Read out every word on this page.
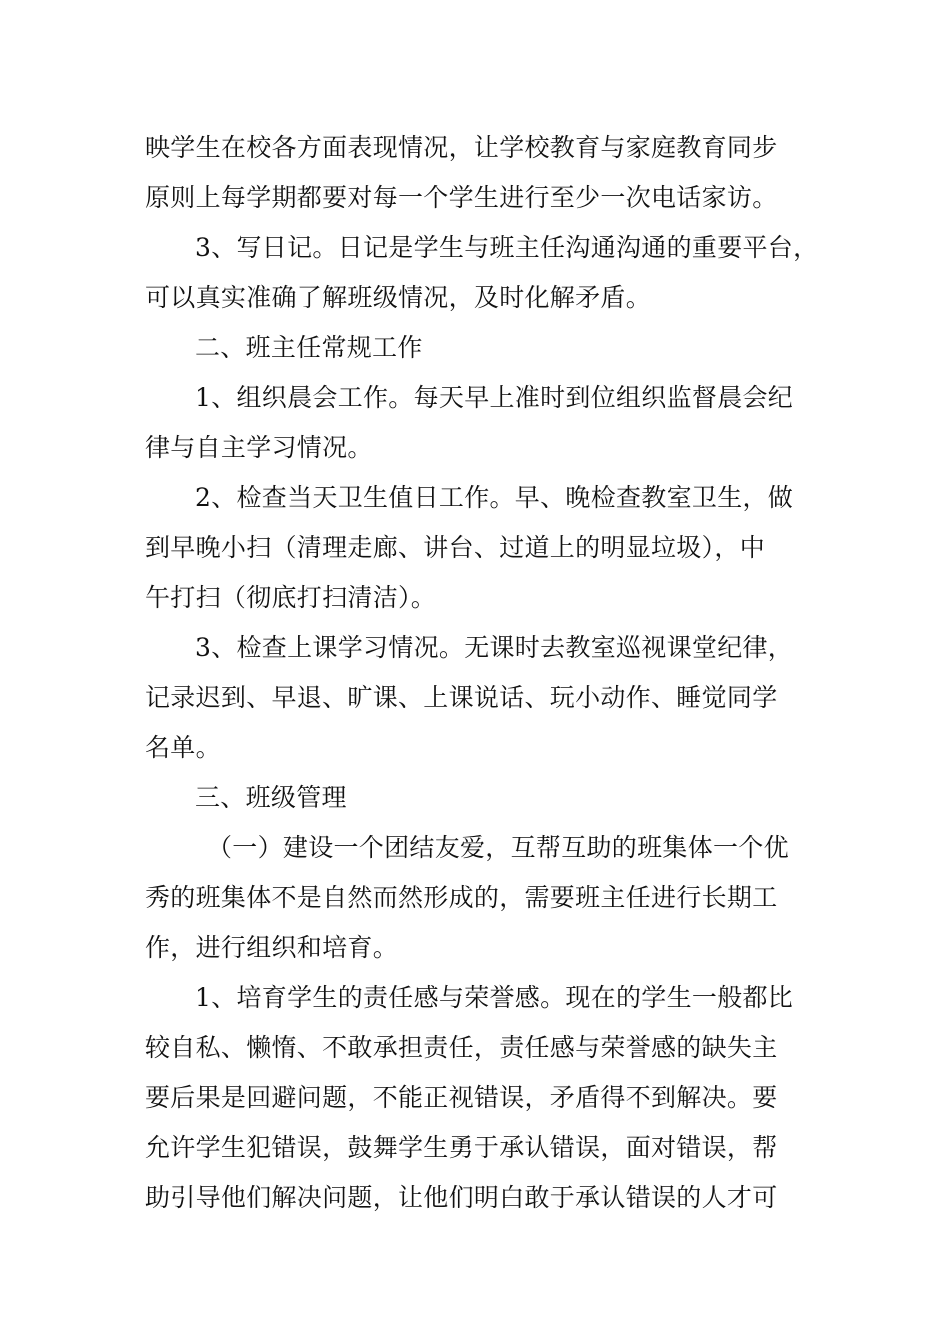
映学生在校各方面表现情况，让学校教育与家庭教育同步
原则上每学期都要对每一个学生进行至少一次电话家访。
3、写日记。日记是学生与班主任沟通沟通的重要平台，
可以真实准确了解班级情况，及时化解矛盾。
二、班主任常规工作
1、组织晨会工作。每天早上准时到位组织监督晨会纪
律与自主学习情况。
2、检查当天卫生值日工作。早、晚检查教室卫生，做
到早晚小扫（清理走廊、讲台、过道上的明显垃圾），中
午打扫（彻底打扫清洁）。
3、检查上课学习情况。无课时去教室巡视课堂纪律，
记录迟到、早退、旷课、上课说话、玩小动作、睡觉同学
名单。
三、班级管理
（一）建设一个团结友爱，互帮互助的班集体一个优
秀的班集体不是自然而然形成的，需要班主任进行长期工
作，进行组织和培育。
1、培育学生的责任感与荣誉感。现在的学生一般都比
较自私、懒惰、不敢承担责任，责任感与荣誉感的缺失主
要后果是回避问题，不能正视错误，矛盾得不到解决。要
允许学生犯错误，鼓舞学生勇于承认错误，面对错误，帮
助引导他们解决问题，让他们明白敢于承认错误的人才可
